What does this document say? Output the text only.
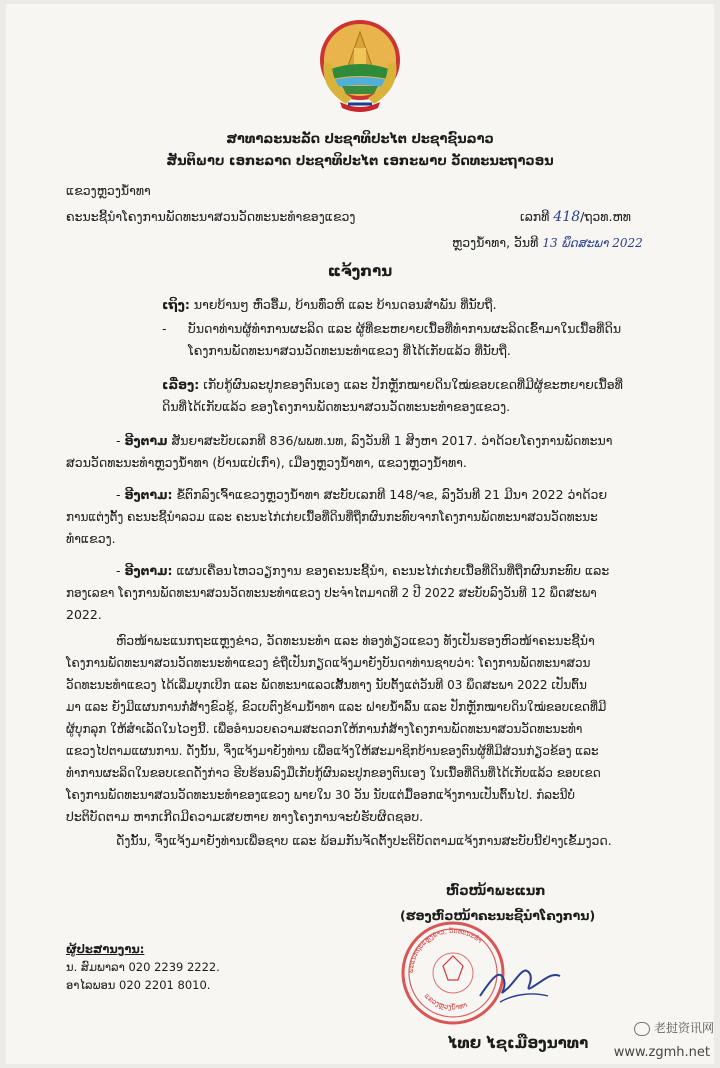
ສາທາລະນະລັດ ປະຊາທິປະໄຕ ປະຊາຊົນລາວ
ສັນຕິພາບ ເອກະລາດ ປະຊາທິປະໄຕ ເອກະພາບ ວັດທະນະຖາວອນ
ແຂວງຫຼວງນ້ຳທາ
ຄະນະຊີ້ນຳໂຄງການພັດທະນາສວນວັດທະນະທຳຂອງແຂວງ	ເລກທີ 418/ຖວທ.ຫທ
ຫຼວງນ້ຳທາ, ວັນທີ 13 ພຶດສະພາ 2022
ແຈ້ງການ
ເຖິງ: ນາຍບ້ານໆ ຫົ່ວອື້ມ, ບ້ານທົ່ວຫິ ແລະ ບ້ານດອນສຳພັນ ທີ່ນັບຖື.
- ບັນດາທ່ານຜູ້ທຳການຜະລິດ ແລະ ຜູ້ທີ່ຂະຫຍາຍເນື້ອທີ່ທຳການຜະລິດເຂົ້າມາໃນເນື້ອທີ່ດິນ
ໂຄງການພັດທະນາສວນວັດທະນະທຳແຂວງ ທີ່ໄດ້ເກັບແລ້ວ ທີ່ນັບຖື.
ເລື່ອງ: ເກັບກູ້ຜົນລະປູກຂອງຕົນເອງ ແລະ ປັກຫຼັກໝາຍດິນໃໝ່ຂອບເຂດທີ່ມີຜູ້ຂະຫຍາຍເນື້ອທີ່
ດິນທີ່ໄດ້ເກັບແລ້ວ ຂອງໂຄງການພັດທະນາສວນວັດທະນະທຳຂອງແຂວງ.
- ອີງຕາມ ສັນຍາສະບັບເລກທີ 836/ພພທ.ນທ, ລົງວັນທີ 1 ສິງຫາ 2017. ວ່າດ້ວຍໂຄງການພັດທະນາ
ສວນວັດທະນະທຳຫຼວງນ້ຳທາ (ບ້ານແປ່ເກົ່າ), ເມືອງຫຼວງນ້ຳທາ, ແຂວງຫຼວງນ້ຳທາ.
- ອີງຕາມ: ຂໍ້ຕົກລົງເຈົ້າແຂວງຫຼວງນ້ຳທາ ສະບັບເລກທີ 148/ຈຂ, ລົງວັນທີ 21 ມີນາ 2022 ວ່າດ້ວຍ
ການແຕ່ງຕັ້ງ ຄະນະຊີ້ນຳລວມ ແລະ ຄະນະໄກ່ເກ່ຍເນື້ອທີ່ດິນທີ່ຖືກຜົນກະທົບຈາກໂຄງການພັດທະນາສວນວັດທະນະ
ທຳແຂວງ.
- ອີງຕາມ: ແຜນເຄື່ອນໄຫວວຽກງານ ຂອງຄະນະຊີ້ນຳ, ຄະນະໄກ່ເກ່ຍເນື້ອທີ່ດິນທີ່ຖືກຜົນກະທົບ ແລະ
ກອງເລຂາ ໂຄງການພັດທະນາສວນວັດທະນະທຳແຂວງ ປະຈຳໄຕມາດທີ 2 ປີ 2022 ສະບັບລົງວັນທີ 12 ພຶດສະພາ
2022.
ຫົວໜ້າພະແນກຖະແຫຼງຂ່າວ, ວັດທະນະທຳ ແລະ ທ່ອງທ່ຽວແຂວງ ທັງເປັນຮອງຫົວໜ້າຄະນະຊີ້ນຳ
ໂຄງການພັດທະນາສວນວັດທະນະທຳແຂວງ ຂໍຖືເປັນກຽດແຈ້ງມາຍັງບັນດາທ່ານຊາບວ່າ: ໂຄງການພັດທະນາສວນ
ວັດທະນະທຳແຂວງ ໄດ້ເລີ່ມບຸກເບີກ ແລະ ພັດທະນາແລວເສັ້ນທາງ ນັບຕັ້ງແຕ່ວັນທີ 03 ພຶດສະພາ 2022 ເປັນຕົ້ນ
ມາ ແລະ ຍັງມີແຜນການກໍ່ສ້າງຂົວຂູ້, ຂົວເບຕົງຂ້າມນ້ຳທາ ແລະ ຝາຍນ້ຳລົ້ນ ແລະ ປັກຫຼັກໝາຍດິນໃໝ່ຂອບເຂດທີ່ມີ
ຜູ້ບຸກລຸກ ໃຫ້ສຳເລັດໃນໄວໆນີ້. ເພື່ອອຳນວຍຄວາມສະດວກໃຫ້ການກໍ່ສ້າງໂຄງການພັດທະນາສວນວັດທະນະທຳ
ແຂວງໄປຕາມແຜນການ. ດັ່ງນັ້ນ, ຈຶ່ງແຈ້ງມາຍັງທ່ານ ເພື່ອແຈ້ງໃຫ້ສະມາຊິກບ້ານຂອງຕົນຜູ້ທີ່ມີສ່ວນກ່ຽວຂ້ອງ ແລະ
ທຳການຜະລິດໃນຂອບເຂດດັ່ງກ່າວ ຮີບຮ້ອນລົງມືເກັບກູ້ຜົນລະປູກຂອງຕົນເອງ ໃນເນື້ອທີ່ດິນທີ່ໄດ້ເກັບແລ້ວ ຂອບເຂດ
ໂຄງການພັດທະນາສວນວັດທະນະທຳຂອງແຂວງ ພາຍໃນ 30 ວັນ ນັບແຕ່ມື້ອອກແຈ້ງການເປັນຕົ້ນໄປ. ກໍລະນີບໍ່
ປະຕິບັດຕາມ ຫາກເກີດມີຄວາມເສຍຫາຍ ທາງໂຄງການຈະບໍ່ຮັບຜິດຊອບ.
ດັ່ງນັ້ນ, ຈຶ່ງແຈ້ງມາຍັງທ່ານເພື່ອຊາບ ແລະ ພ້ອມກັນຈັດຕັ້ງປະຕິບັດຕາມແຈ້ງການສະບັບນີ້ຢ່າງເຂັ້ມງວດ.
ຫົວໜ້າພະແນກ
(ຮອງຫົວໜ້າຄະນະຊີ້ນຳໂຄງການ)
ພະແນກຖະແຫຼງຂ່າວ, ວັດທະນະທຳ
ແຂວງຫຼວງນ້ຳທາ
ໄທຍ ໄຊເມືອງນາທາ
ຜູ້ປະສານງານ:
ນ. ສົມພາລາ 020 2239 2222.
ອາໄລພອນ 020 2201 8010.
老挝资讯网
www.zgmh.net
